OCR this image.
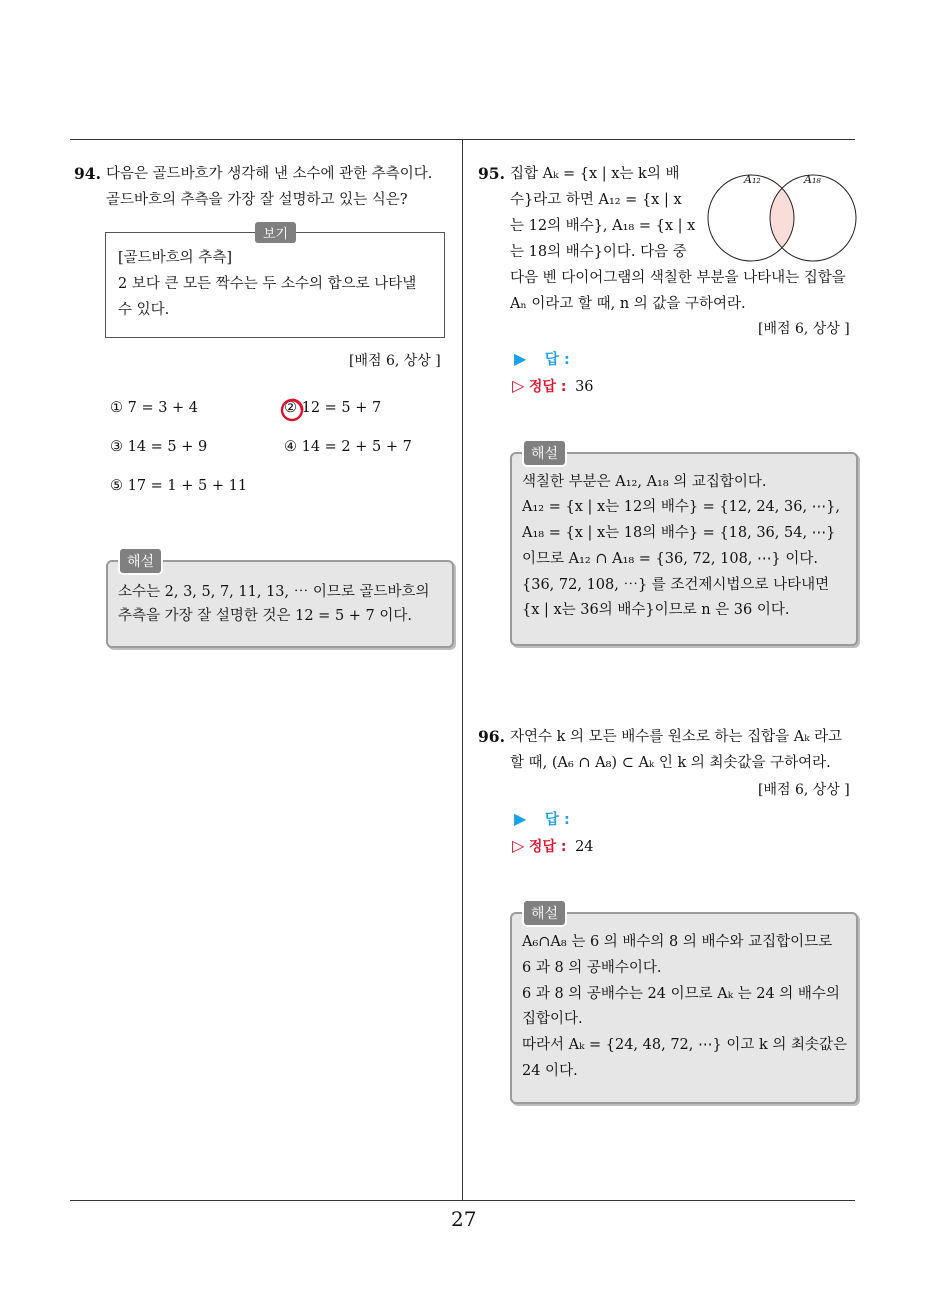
27
94. 다음은 골드바흐가 생각해 낸 소수에 관한 추측이다.
골드바흐의 추측을 가장 잘 설명하고 있는 식은?
보기
[골드바흐의 추측]
2 보다 큰 모든 짝수는 두 소수의 합으로 나타낼
수 있다.
[배점 6, 상상 ]
① 7 = 3 + 4	② 12 = 5 + 7
③ 14 = 5 + 9	④ 14 = 2 + 5 + 7
⑤ 17 = 1 + 5 + 11
해설
소수는 2, 3, 5, 7, 11, 13, ⋯ 이므로 골드바흐의
추측을 가장 잘 설명한 것은 12 = 5 + 7 이다.
95. 집합 Aₖ = {x | x는 k의 배
수}라고 하면 A₁₂ = {x | x
는 12의 배수}, A₁₈ = {x | x
는 18의 배수}이다. 다음 중
다음 벤 다이어그램의 색칠한 부분을 나타내는 집합을
Aₙ 이라고 할 때, n 의 값을 구하여라.
A₁₂	A₁₈
[배점 6, 상상 ]
▶ 답 :
▷ 정답 : 36
해설
색칠한 부분은 A₁₂, A₁₈ 의 교집합이다.
A₁₂ = {x | x는 12의 배수} = {12, 24, 36, ⋯},
A₁₈ = {x | x는 18의 배수} = {18, 36, 54, ⋯}
이므로 A₁₂ ∩ A₁₈ = {36, 72, 108, ⋯} 이다.
{36, 72, 108, ⋯} 를 조건제시법으로 나타내면
{x | x는 36의 배수}이므로 n 은 36 이다.
96. 자연수 k 의 모든 배수를 원소로 하는 집합을 Aₖ 라고
할 때, (A₆ ∩ A₈) ⊂ Aₖ 인 k 의 최솟값을 구하여라.
[배점 6, 상상 ]
▶ 답 :
▷ 정답 : 24
해설
A₆∩A₈ 는 6 의 배수의 8 의 배수와 교집합이므로
6 과 8 의 공배수이다.
6 과 8 의 공배수는 24 이므로 Aₖ 는 24 의 배수의
집합이다.
따라서 Aₖ = {24, 48, 72, ⋯} 이고 k 의 최솟값은
24 이다.
